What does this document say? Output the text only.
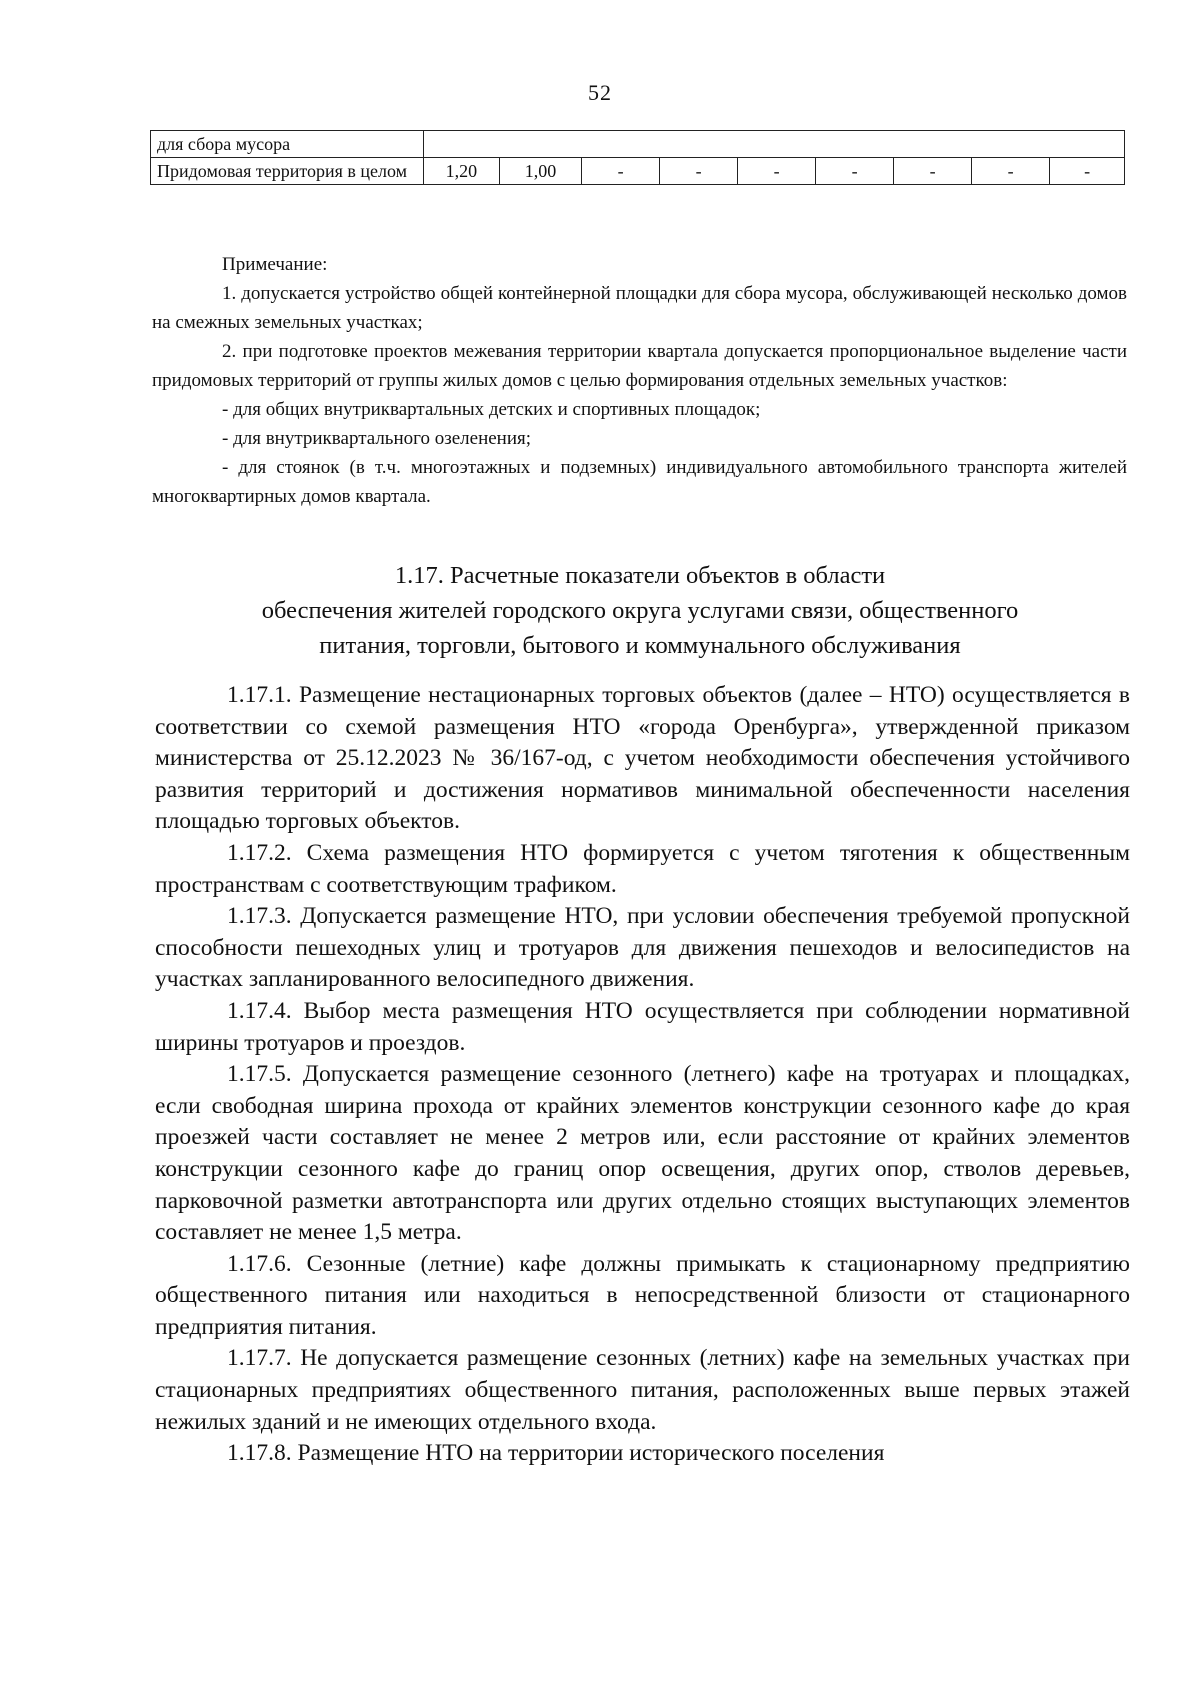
52
для сбора мусора									
Придомовая территория в целом	1,20	1,00	-	-	-	-	-	-	-
Примечание:
1. допускается устройство общей контейнерной площадки для сбора мусора, обслуживающей несколько домов на смежных земельных участках;
2. при подготовке проектов межевания территории квартала допускается пропорциональное выделение части придомовых территорий от группы жилых домов с целью формирования отдельных земельных участков:
- для общих внутриквартальных детских и спортивных площадок;
- для внутриквартального озеленения;
- для стоянок (в т.ч. многоэтажных и подземных) индивидуального автомобильного транспорта жителей многоквартирных домов квартала.
1.17. Расчетные показатели объектов в области
обеспечения жителей городского округа услугами связи, общественного
питания, торговли, бытового и коммунального обслуживания

1.17.1. Размещение нестационарных торговых объектов (далее – НТО) осуществляется в соответствии со схемой размещения НТО «города Оренбурга», утвержденной приказом министерства от 25.12.2023 № 36/167-од, с учетом необходимости обеспечения устойчивого развития территорий и достижения нормативов минимальной обеспеченности населения площадью торговых объектов.

1.17.2. Схема размещения НТО формируется с учетом тяготения к общественным пространствам с соответствующим трафиком.

1.17.3. Допускается размещение НТО, при условии обеспечения требуемой пропускной способности пешеходных улиц и тротуаров для движения пешеходов и велосипедистов на участках запланированного велосипедного движения.

1.17.4. Выбор места размещения НТО осуществляется при соблюдении нормативной ширины тротуаров и проездов.

1.17.5. Допускается размещение сезонного (летнего) кафе на тротуарах и площадках, если свободная ширина прохода от крайних элементов конструкции сезонного кафе до края проезжей части составляет не менее 2 метров или, если расстояние от крайних элементов конструкции сезонного кафе до границ опор освещения, других опор, стволов деревьев, парковочной разметки автотранспорта или других отдельно стоящих выступающих элементов составляет не менее 1,5 метра.

1.17.6. Сезонные (летние) кафе должны примыкать к стационарному предприятию общественного питания или находиться в непосредственной близости от стационарного предприятия питания.

1.17.7. Не допускается размещение сезонных (летних) кафе на земельных участках при стационарных предприятиях общественного питания, расположенных выше первых этажей нежилых зданий и не имеющих отдельного входа.

1.17.8. Размещение НТО на территории исторического поселения
